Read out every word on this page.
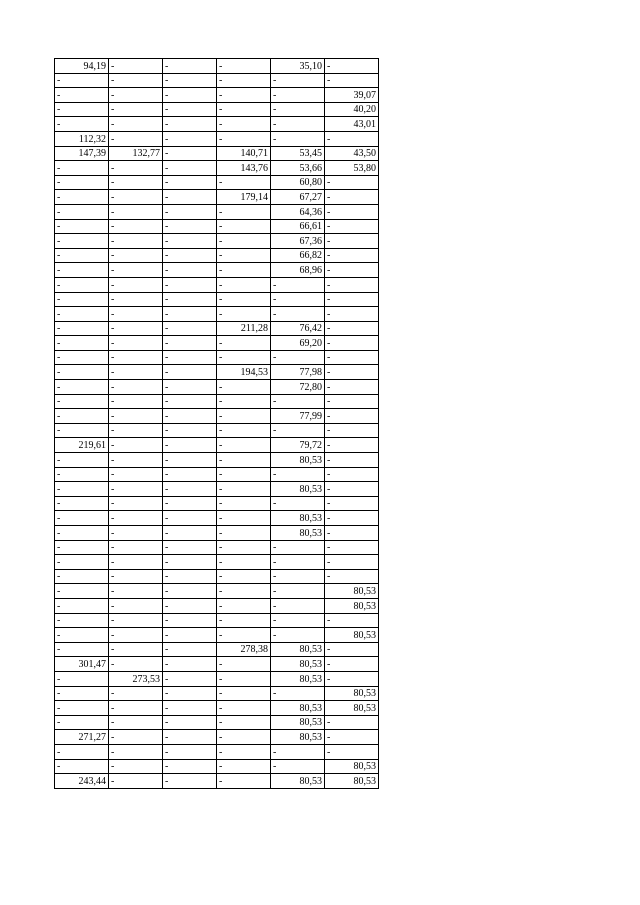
94,19	-	-	-	35,10	-
-	-	-	-	-	-
-	-	-	-	-	39,07
-	-	-	-	-	40,20
-	-	-	-	-	43,01
112,32	-	-	-	-	-
147,39	132,77	-	140,71	53,45	43,50
-	-	-	143,76	53,66	53,80
-	-	-	-	60,80	-
-	-	-	179,14	67,27	-
-	-	-	-	64,36	-
-	-	-	-	66,61	-
-	-	-	-	67,36	-
-	-	-	-	66,82	-
-	-	-	-	68,96	-
-	-	-	-	-	-
-	-	-	-	-	-
-	-	-	-	-	-
-	-	-	211,28	76,42	-
-	-	-	-	69,20	-
-	-	-	-	-	-
-	-	-	194,53	77,98	-
-	-	-	-	72,80	-
-	-	-	-	-	-
-	-	-	-	77,99	-
-	-	-	-	-	-
219,61	-	-	-	79,72	-
-	-	-	-	80,53	-
-	-	-	-	-	-
-	-	-	-	80,53	-
-	-	-	-	-	-
-	-	-	-	80,53	-
-	-	-	-	80,53	-
-	-	-	-	-	-
-	-	-	-	-	-
-	-	-	-	-	-
-	-	-	-	-	80,53
-	-	-	-	-	80,53
-	-	-	-	-	-
-	-	-	-	-	80,53
-	-	-	278,38	80,53	-
301,47	-	-	-	80,53	-
-	273,53	-	-	80,53	-
-	-	-	-	-	80,53
-	-	-	-	80,53	80,53
-	-	-	-	80,53	-
271,27	-	-	-	80,53	-
-	-	-	-	-	-
-	-	-	-	-	80,53
243,44	-	-	-	80,53	80,53
